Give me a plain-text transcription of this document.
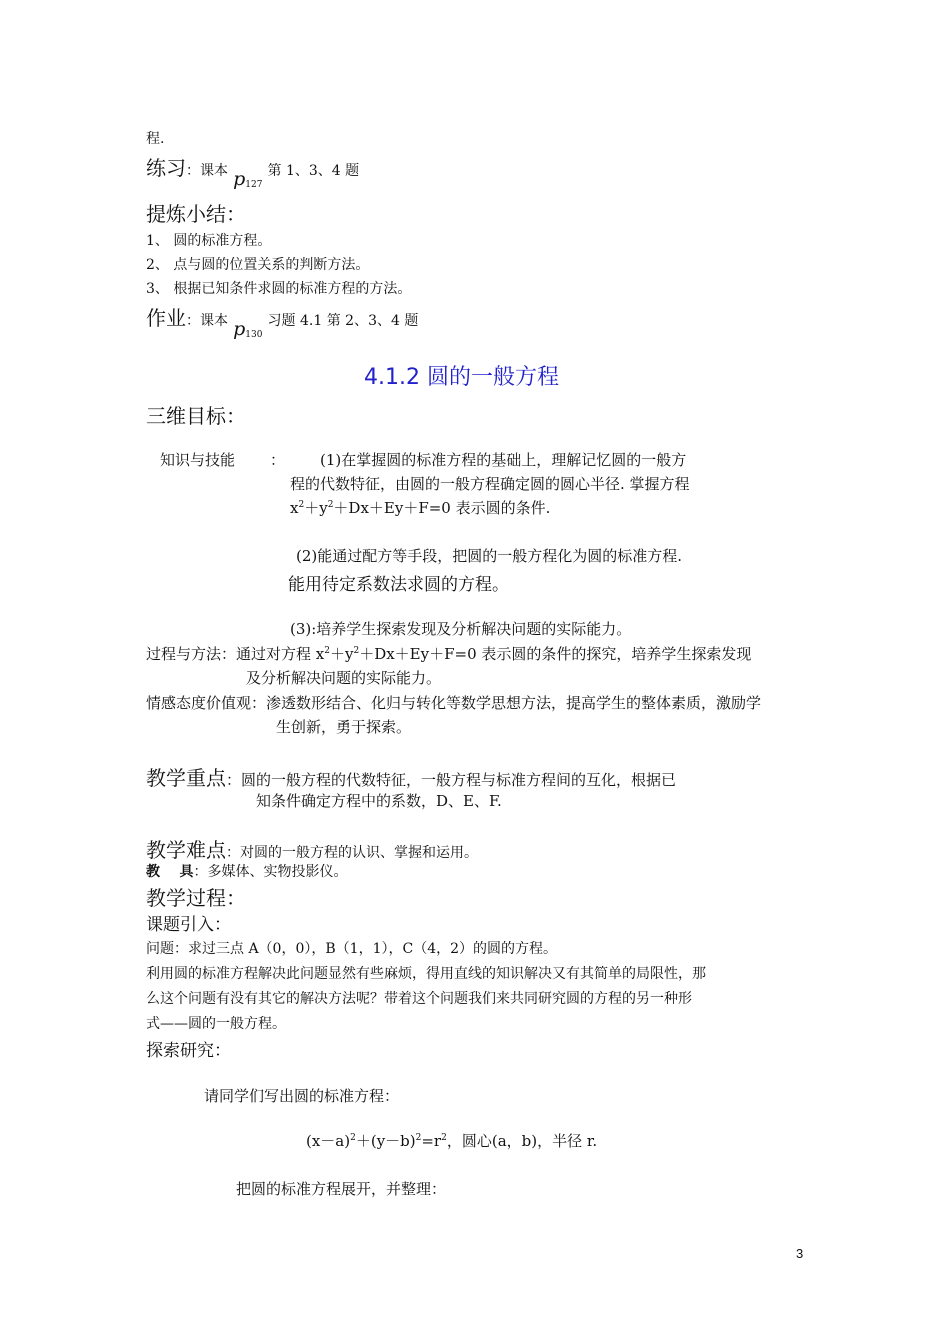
程.
练习：课本 $p_{127}$ 第 1、3、4 题
提炼小结：
1、 圆的标准方程。
2、 点与圆的位置关系的判断方法。
3、 根据已知条件求圆的标准方程的方法。
作业：课本 $p_{130}$ 习题 4.1 第 2、3、4 题
4.1.2 圆的一般方程
三维目标：
知识与技能 ： (1)在掌握圆的标准方程的基础上，理解记忆圆的一般方
程的代数特征，由圆的一般方程确定圆的圆心半径. 掌握方程
$x^2+y^2+Dx+Ey+F=0$ 表示圆的条件.
(2)能通过配方等手段，把圆的一般方程化为圆的标准方程.
能用待定系数法求圆的方程。
(3):培养学生探索发现及分析解决问题的实际能力。
过程与方法：通过对方程 $x^2+y^2+Dx+Ey+F=0$ 表示圆的条件的探究，培养学生探索发现
及分析解决问题的实际能力。
情感态度价值观：渗透数形结合、化归与转化等数学思想方法，提高学生的整体素质，激励学
生创新，勇于探索。
教学重点：圆的一般方程的代数特征，一般方程与标准方程间的互化，根据已
知条件确定方程中的系数，D、E、F.
教学难点：对圆的一般方程的认识、掌握和运用。
教    具：多媒体、实物投影仪。
教学过程：
课题引入：
问题：求过三点 A（0，0），B（1，1），C（4，2）的圆的方程。
利用圆的标准方程解决此问题显然有些麻烦，得用直线的知识解决又有其简单的局限性，那
么这个问题有没有其它的解决方法呢？带着这个问题我们来共同研究圆的方程的另一种形
式——圆的一般方程。
探索研究：
请同学们写出圆的标准方程：
$(x-a)^2+(y-b)^2=r^2$，圆心(a，b)，半径 r.
把圆的标准方程展开，并整理：
3
